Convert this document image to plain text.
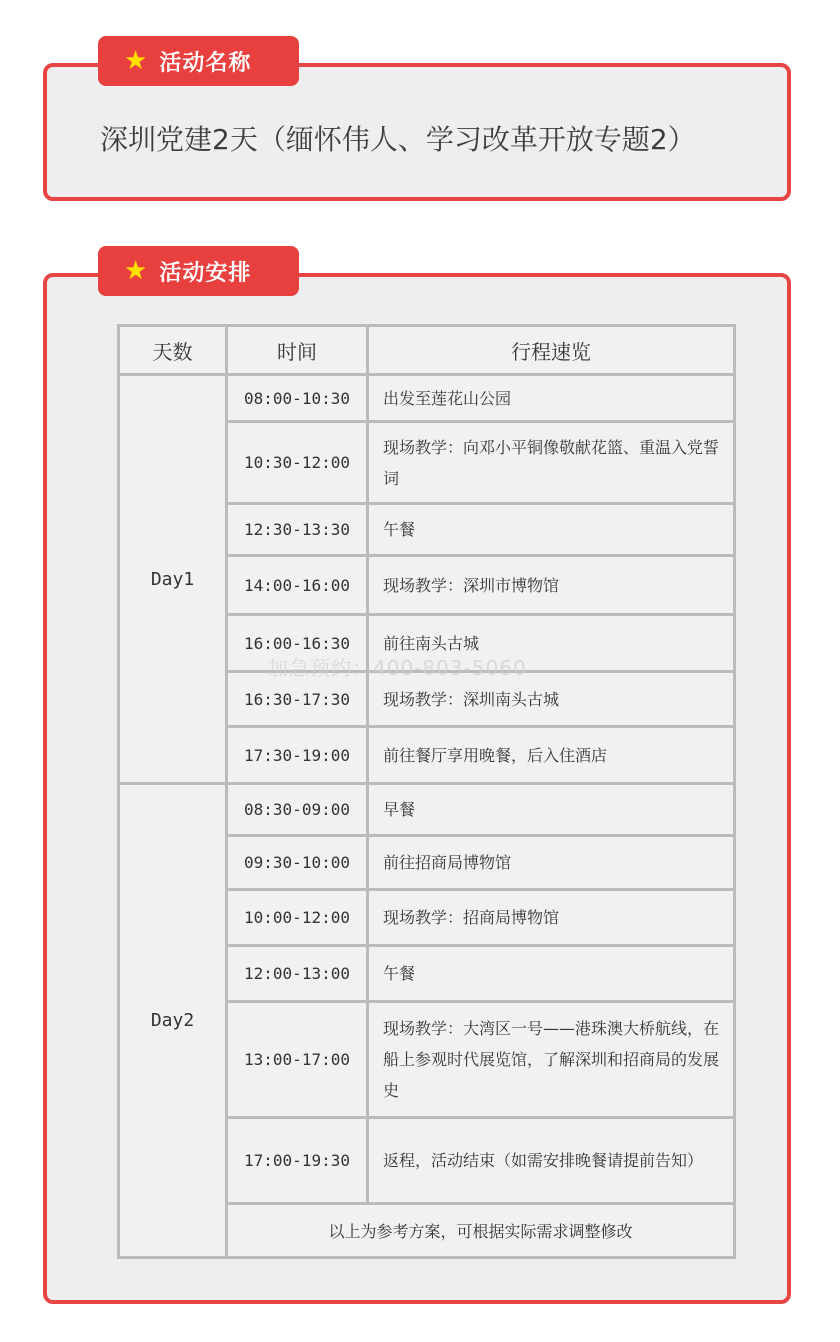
★ 活动名称
深圳党建2天（缅怀伟人、学习改革开放专题2）
★ 活动安排
天数	时间	行程速览
Day1	08:00-10:30	出发至莲花山公园
	10:30-12:00	现场教学：向邓小平铜像敬献花篮、重温入党誓词
	12:30-13:30	午餐
	14:00-16:00	现场教学：深圳市博物馆
	16:00-16:30	前往南头古城
	16:30-17:30	现场教学：深圳南头古城
	17:30-19:00	前往餐厅享用晚餐，后入住酒店
Day2	08:30-09:00	早餐
	09:30-10:00	前往招商局博物馆
	10:00-12:00	现场教学：招商局博物馆
	12:00-13:00	午餐
	13:00-17:00	现场教学：大湾区一号——港珠澳大桥航线，在船上参观时代展览馆，了解深圳和招商局的发展史
	17:00-19:30	返程，活动结束（如需安排晚餐请提前告知）
	以上为参考方案，可根据实际需求调整修改	
加急预约：400-803-5060
